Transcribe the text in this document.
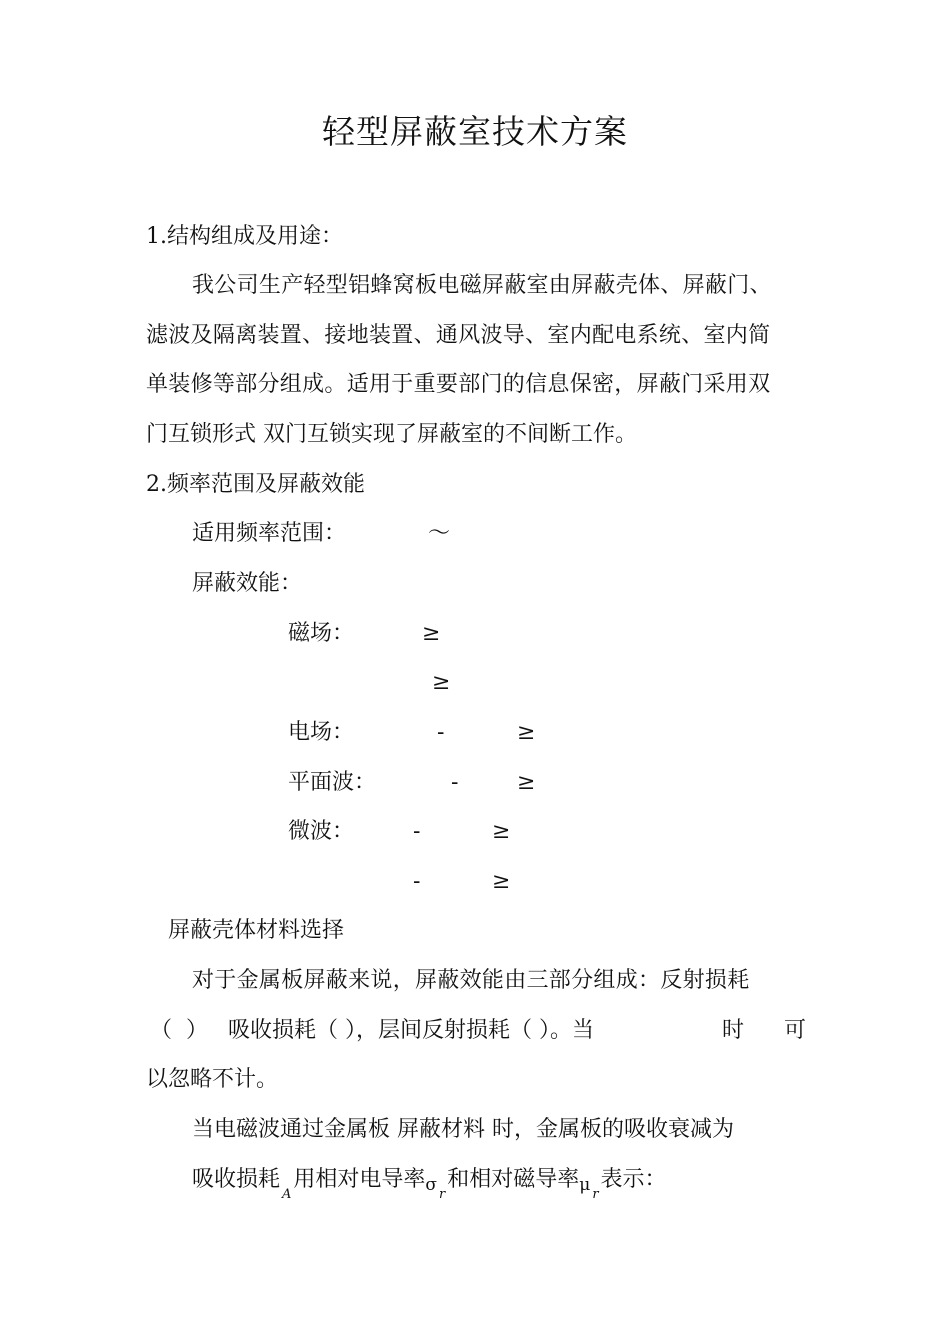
轻型屏蔽室技术方案
1.结构组成及用途：
我公司生产轻型铝蜂窝板电磁屏蔽室由屏蔽壳体、屏蔽门、
滤波及隔离装置、接地装置、通风波导、室内配电系统、室内简
单装修等部分组成。适用于重要部门的信息保密，屏蔽门采用双
门互锁形式 双门互锁实现了屏蔽室的不间断工作。
2.频率范围及屏蔽效能
适用频率范围：	～
屏蔽效能：
磁场：	≥
≥
电场：	-	≥
平面波：	-	≥
微波：	-	≥
-	≥
屏蔽壳体材料选择
对于金属板屏蔽来说，屏蔽效能由三部分组成：反射损耗
（ ） 吸收损耗（ ），层间反射损耗（ ）。当	时 可
以忽略不计。
当电磁波通过金属板 屏蔽材料 时，金属板的吸收衰减为
吸收损耗$_A$用相对电导率σ $_r$和相对磁导率μ $_r$表示：
